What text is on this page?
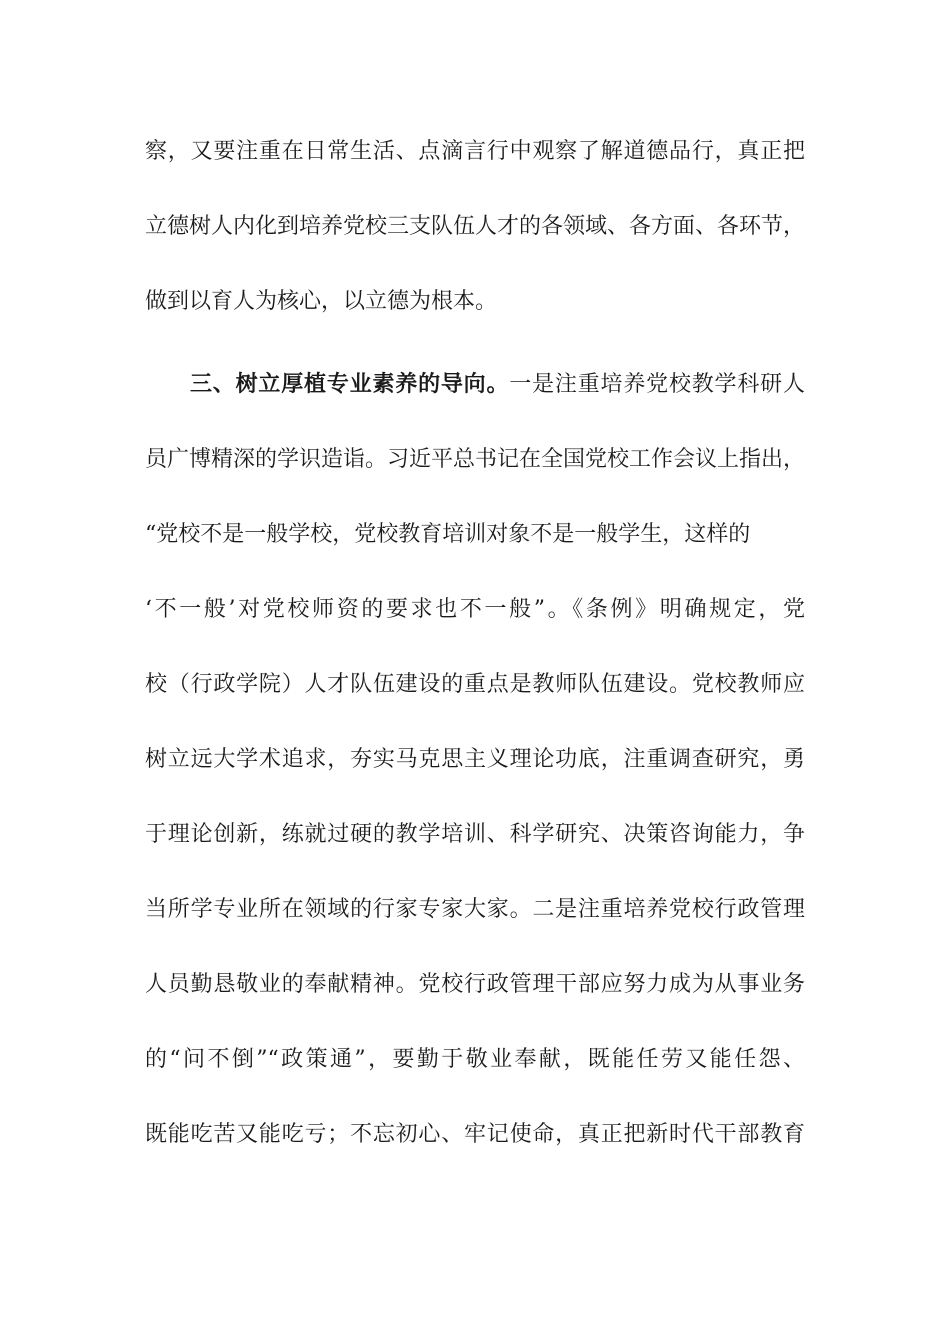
察，又要注重在日常生活、点滴言行中观察了解道德品行，真正把
立德树人内化到培养党校三支队伍人才的各领域、各方面、各环节，
做到以育人为核心，以立德为根本。
三、树立厚植专业素养的导向。一是注重培养党校教学科研人
员广博精深的学识造诣。习近平总书记在全国党校工作会议上指出，
“党校不是一般学校，党校教育培训对象不是一般学生，这样的
‘不一般’对党校师资的要求也不一般”。《条例》明确规定，党
校（行政学院）人才队伍建设的重点是教师队伍建设。党校教师应
树立远大学术追求，夯实马克思主义理论功底，注重调查研究，勇
于理论创新，练就过硬的教学培训、科学研究、决策咨询能力，争
当所学专业所在领域的行家专家大家。二是注重培养党校行政管理
人员勤恳敬业的奉献精神。党校行政管理干部应努力成为从事业务
的“问不倒”“政策通”，要勤于敬业奉献，既能任劳又能任怨、
既能吃苦又能吃亏；不忘初心、牢记使命，真正把新时代干部教育
